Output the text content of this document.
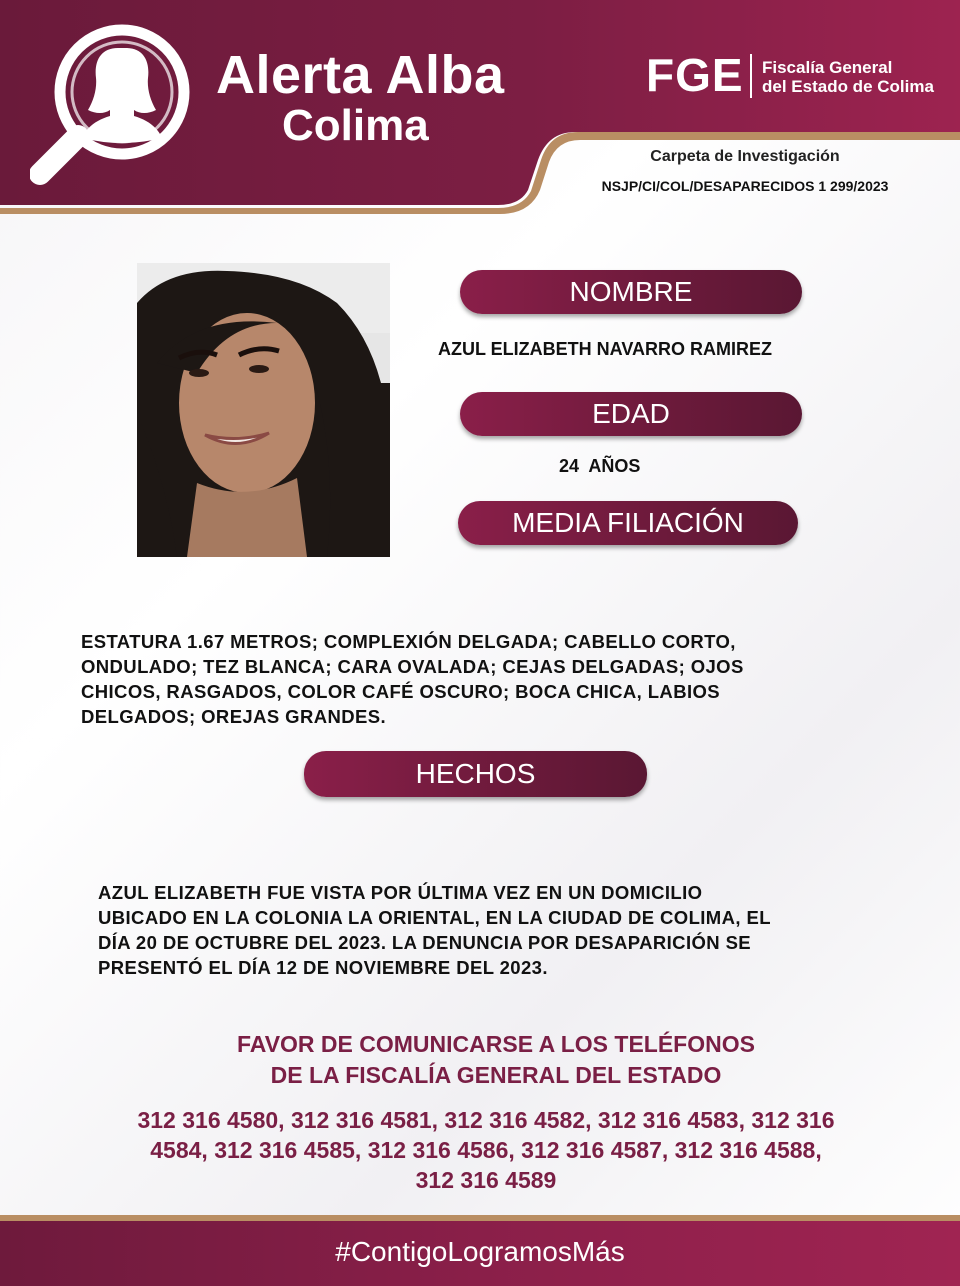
Alerta Alba
Colima
FGE Fiscalía General
del Estado de Colima
Carpeta de Investigación
NSJP/CI/COL/DESAPARECIDOS 1 299/2023
NOMBRE
AZUL ELIZABETH NAVARRO RAMIREZ
EDAD
24  AÑOS
MEDIA FILIACIÓN
ESTATURA 1.67 METROS; COMPLEXIÓN DELGADA; CABELLO CORTO,
ONDULADO; TEZ BLANCA; CARA OVALADA; CEJAS DELGADAS; OJOS
CHICOS, RASGADOS, COLOR CAFÉ OSCURO; BOCA CHICA, LABIOS
DELGADOS; OREJAS GRANDES.
HECHOS
AZUL ELIZABETH FUE VISTA POR ÚLTIMA VEZ EN UN DOMICILIO
UBICADO EN LA COLONIA LA ORIENTAL, EN LA CIUDAD DE COLIMA, EL
DÍA 20 DE OCTUBRE DEL 2023. LA DENUNCIA POR DESAPARICIÓN SE
PRESENTÓ EL DÍA 12 DE NOVIEMBRE DEL 2023.
FAVOR DE COMUNICARSE A LOS TELÉFONOS
DE LA FISCALÍA GENERAL DEL ESTADO
312 316 4580, 312 316 4581, 312 316 4582, 312 316 4583, 312 316
4584, 312 316 4585, 312 316 4586, 312 316 4587, 312 316 4588,
312 316 4589
#ContigoLogramosMás
